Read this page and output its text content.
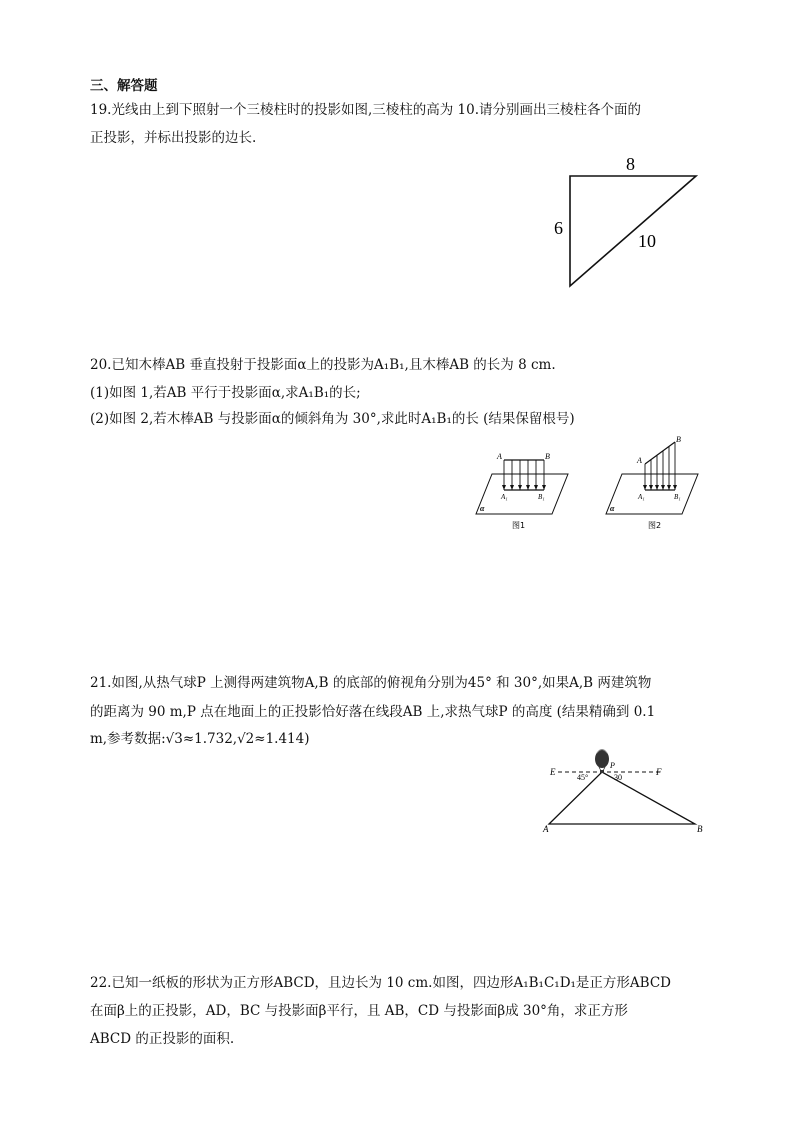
三、解答题
19.光线由上到下照射一个三棱柱时的投影如图,三棱柱的高为 10.请分别画出三棱柱各个面的
正投影，并标出投影的边长.
8
6
10
20.已知木棒AB 垂直投射于投影面α上的投影为A₁B₁,且木棒AB 的长为 8 cm.
(1)如图 1,若AB 平行于投影面α,求A₁B₁的长;
(2)如图 2,若木棒AB 与投影面α的倾斜角为 30°,求此时A₁B₁的长 (结果保留根号)
A	B
A₁	B₁
α
图1
A
B
A₁	B₁
α
图2
21.如图,从热气球P 上测得两建筑物A,B 的底部的俯视角分别为45° 和 30°,如果A,B 两建筑物
的距离为 90 m,P 点在地面上的正投影恰好落在线段AB 上,求热气球P 的高度 (结果精确到 0.1
m,参考数据:√3≈1.732,√2≈1.414)
E	F
P
45°	30
A	B
22.已知一纸板的形状为正方形ABCD，且边长为 10 cm.如图，四边形A₁B₁C₁D₁是正方形ABCD
在面β上的正投影，AD，BC 与投影面β平行，且 AB，CD 与投影面β成 30°角，求正方形
ABCD 的正投影的面积.
